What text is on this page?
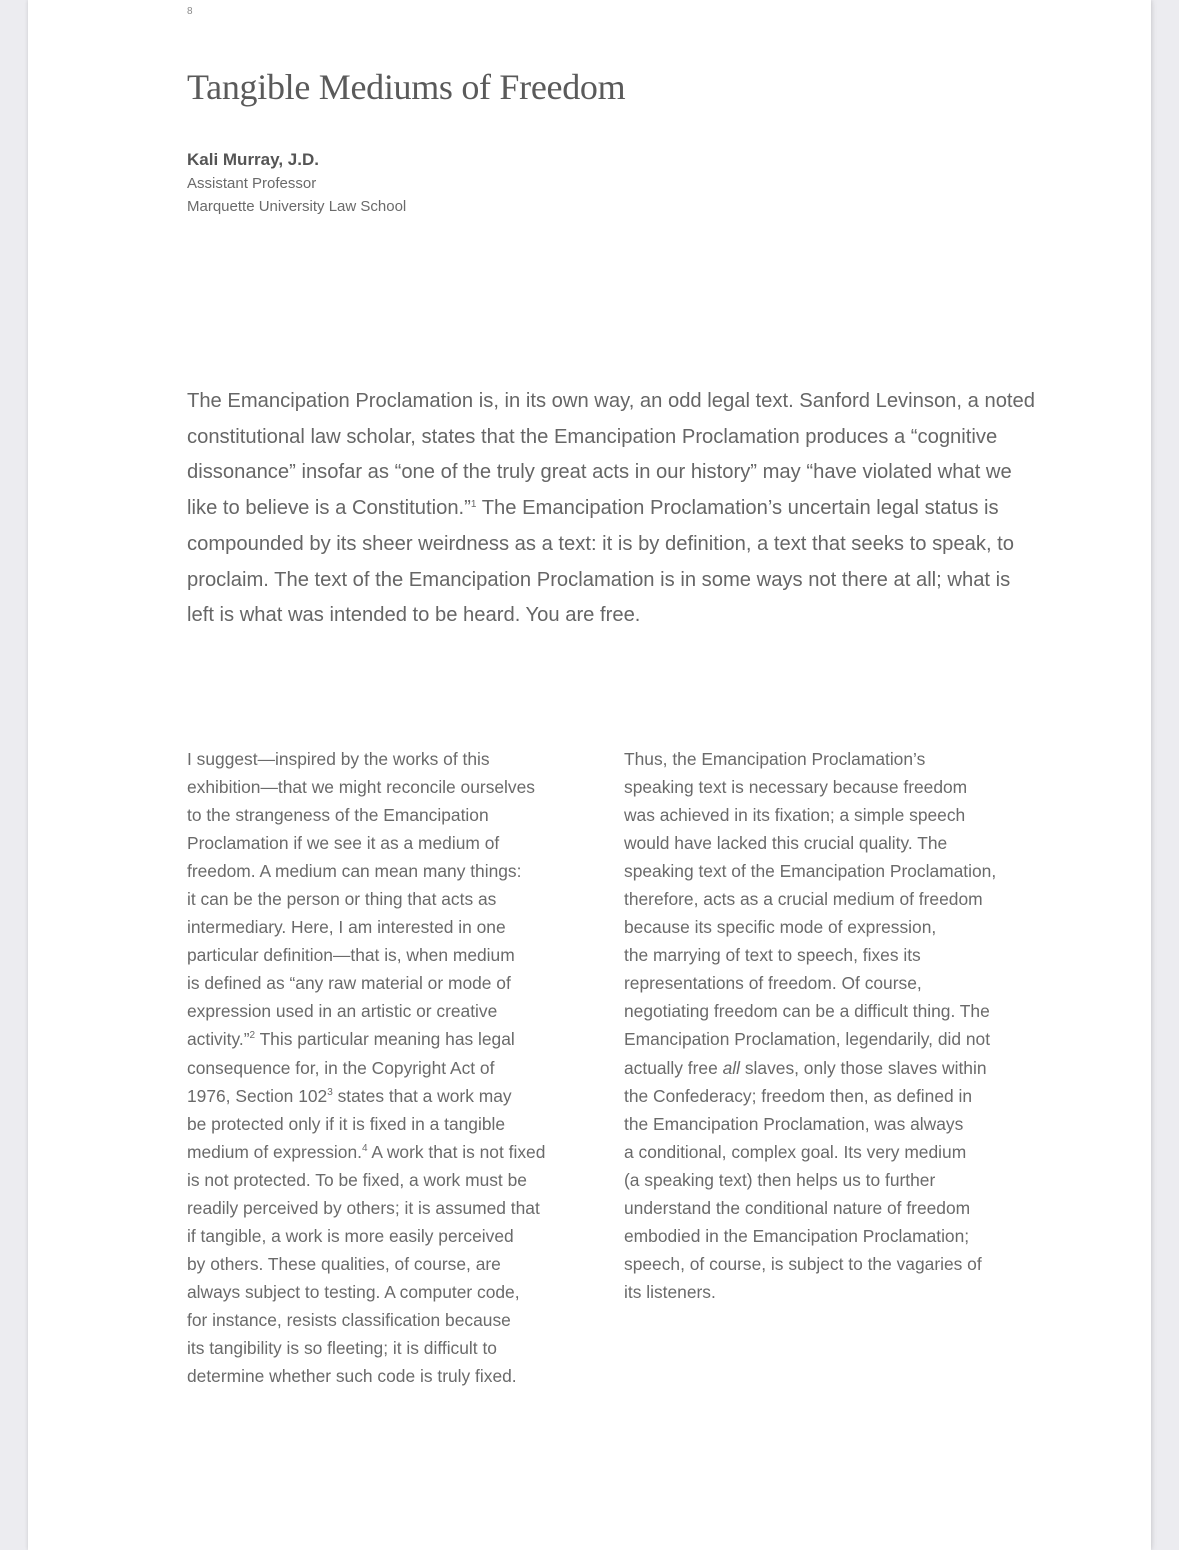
8
Tangible Mediums of Freedom
Kali Murray, J.D.
Assistant Professor
Marquette University Law School

The Emancipation Proclamation is, in its own way, an odd legal text. Sanford Levinson, a noted constitutional law scholar, states that the Emancipation Proclamation produces a “cognitive dissonance” insofar as “one of the truly great acts in our history” may “have violated what we like to believe is a Constitution.”$^1$ The Emancipation Proclamation’s uncertain legal status is compounded by its sheer weirdness as a text: it is by definition, a text that seeks to speak, to proclaim. The text of the Emancipation Proclamation is in some ways not there at all; what is left is what was intended to be heard. You are free.

I suggest—inspired by the works of this
exhibition—that we might reconcile ourselves
to the strangeness of the Emancipation
Proclamation if we see it as a medium of
freedom. A medium can mean many things:
it can be the person or thing that acts as
intermediary. Here, I am interested in one
particular definition—that is, when medium
is defined as “any raw material or mode of
expression used in an artistic or creative
activity.”$^2$ This particular meaning has legal
consequence for, in the Copyright Act of
1976, Section $102^3$ states that a work may
be protected only if it is fixed in a tangible
medium of expression.$^4$ A work that is not fixed
is not protected. To be fixed, a work must be
readily perceived by others; it is assumed that
if tangible, a work is more easily perceived
by others. These qualities, of course, are
always subject to testing. A computer code,
for instance, resists classification because
its tangibility is so fleeting; it is difficult to
determine whether such code is truly fixed.

Thus, the Emancipation Proclamation’s
speaking text is necessary because freedom
was achieved in its fixation; a simple speech
would have lacked this crucial quality. The
speaking text of the Emancipation Proclamation,
therefore, acts as a crucial medium of freedom
because its specific mode of expression,
the marrying of text to speech, fixes its
representations of freedom. Of course,
negotiating freedom can be a difficult thing. The
Emancipation Proclamation, legendarily, did not
actually free all slaves, only those slaves within
the Confederacy; freedom then, as defined in
the Emancipation Proclamation, was always
a conditional, complex goal. Its very medium
(a speaking text) then helps us to further
understand the conditional nature of freedom
embodied in the Emancipation Proclamation;
speech, of course, is subject to the vagaries of
its listeners.
